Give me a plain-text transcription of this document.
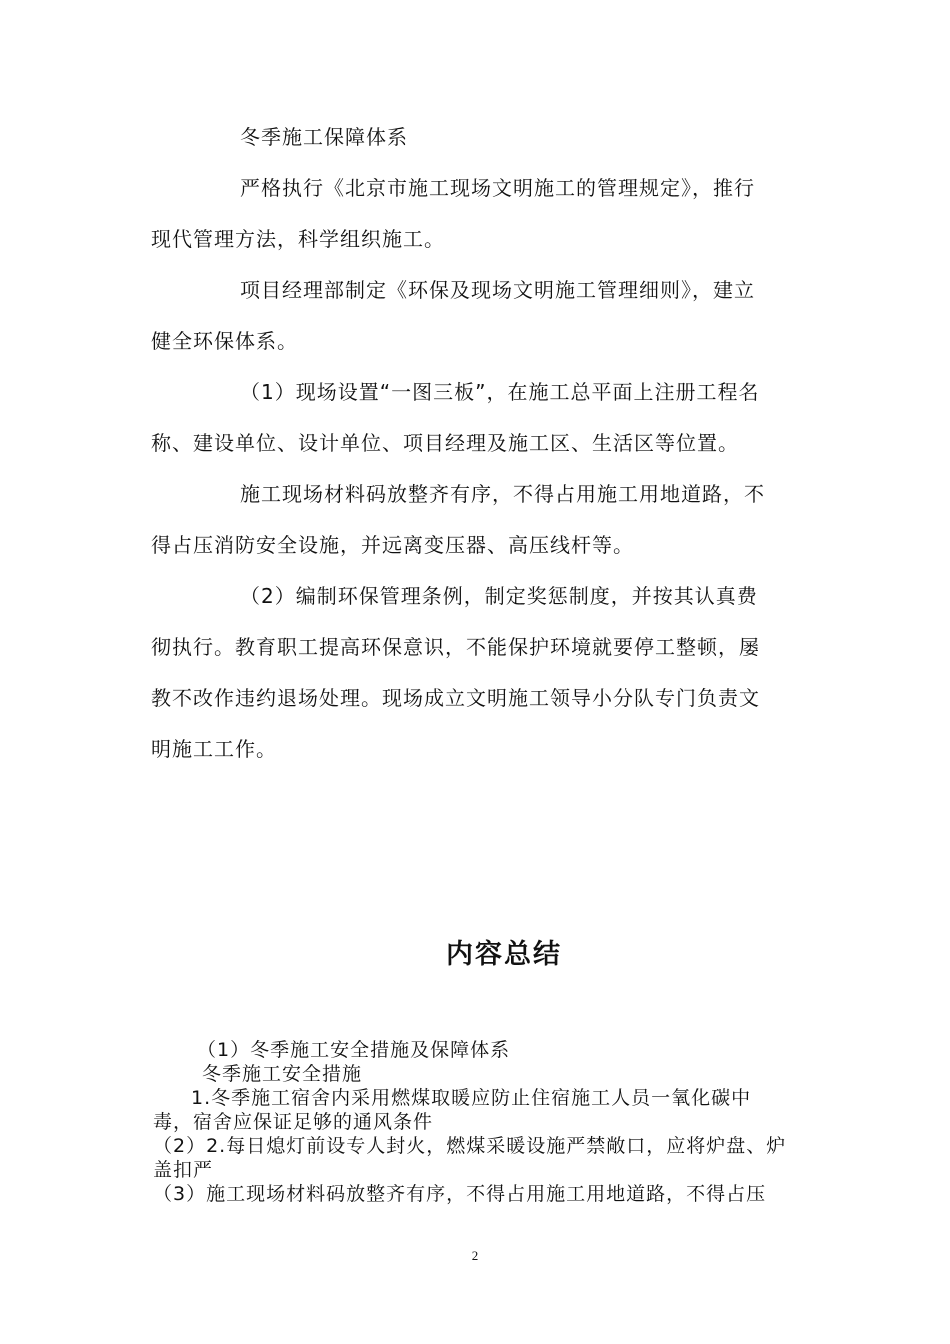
冬季施工保障体系

严格执行《北京市施工现场文明施工的管理规定》，推行

现代管理方法，科学组织施工。

项目经理部制定《环保及现场文明施工管理细则》，建立

健全环保体系。

（1）现场设置“一图三板”，在施工总平面上注册工程名

称、建设单位、设计单位、项目经理及施工区、生活区等位置。

施工现场材料码放整齐有序，不得占用施工用地道路，不

得占压消防安全设施，并远离变压器、高压线杆等。

（2）编制环保管理条例，制定奖惩制度，并按其认真费

彻执行。教育职工提高环保意识，不能保护环境就要停工整顿，屡

教不改作违约退场处理。现场成立文明施工领导小分队专门负责文

明施工工作。

内容总结

（1）冬季施工安全措施及保障体系

冬季施工安全措施

1.冬季施工宿舍内采用燃煤取暖应防止住宿施工人员一氧化碳中

毒，宿舍应保证足够的通风条件

（2）2.每日熄灯前设专人封火，燃煤采暖设施严禁敞口，应将炉盘、炉

盖扣严

（3）施工现场材料码放整齐有序，不得占用施工用地道路，不得占压

2
